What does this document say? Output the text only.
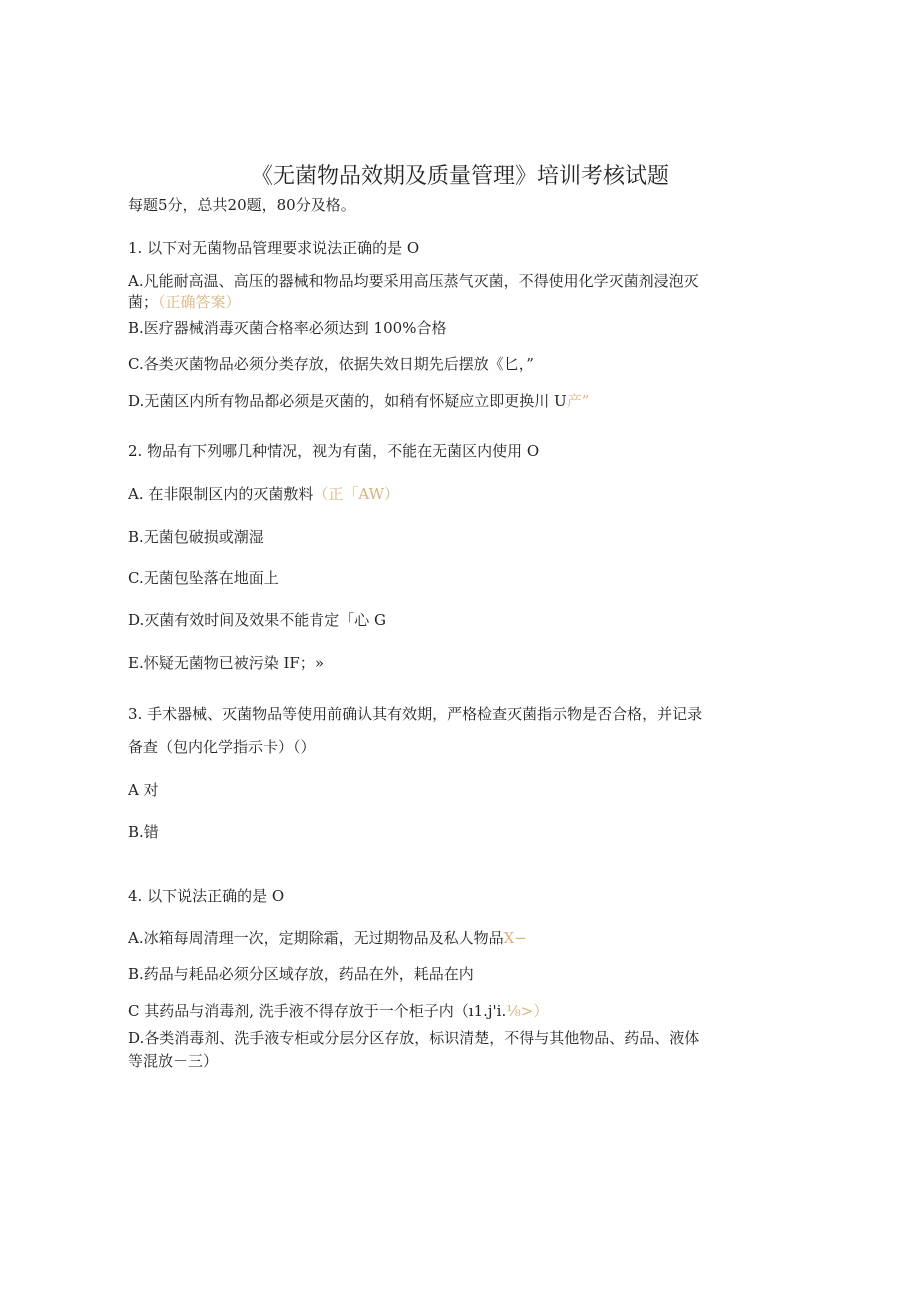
《无菌物品效期及质量管理》培训考核试题
每题5分，总共20题，80分及格。
1. 以下对无菌物品管理要求说法正确的是 O
A.凡能耐高温、高压的器械和物品均要采用高压蒸气灭菌，不得使用化学灭菌剂浸泡灭
菌；（正确答案）
B.医疗器械消毒灭菌合格率必须达到 100%合格
C.各类灭菌物品必须分类存放，依据失效日期先后摆放《匕，”
D.无菌区内所有物品都必须是灭菌的，如稍有怀疑应立即更换川 U产”
2. 物品有下列哪几种情况，视为有菌，不能在无菌区内使用 O
A. 在非限制区内的灭菌敷料（正「AW）
B.无菌包破损或潮湿
C.无菌包坠落在地面上
D.灭菌有效时间及效果不能肯定「心 G
E.怀疑无菌物已被污染 IF；»
3. 手术器械、灭菌物品等使用前确认其有效期，严格检查灭菌指示物是否合格，并记录
备查（包内化学指示卡）（）
A 对
B.错
4. 以下说法正确的是 O
A.冰箱每周清理一次，定期除霜，无过期物品及私人物品X−
B.药品与耗品必须分区域存放，药品在外，耗品在内
C 其药品与消毒剂, 洗手液不得存放于一个柜子内（ı1.j'i.⅛>）
D.各类消毒剂、洗手液专柜或分层分区存放，标识清楚，不得与其他物品、药品、液体
等混放－三）
